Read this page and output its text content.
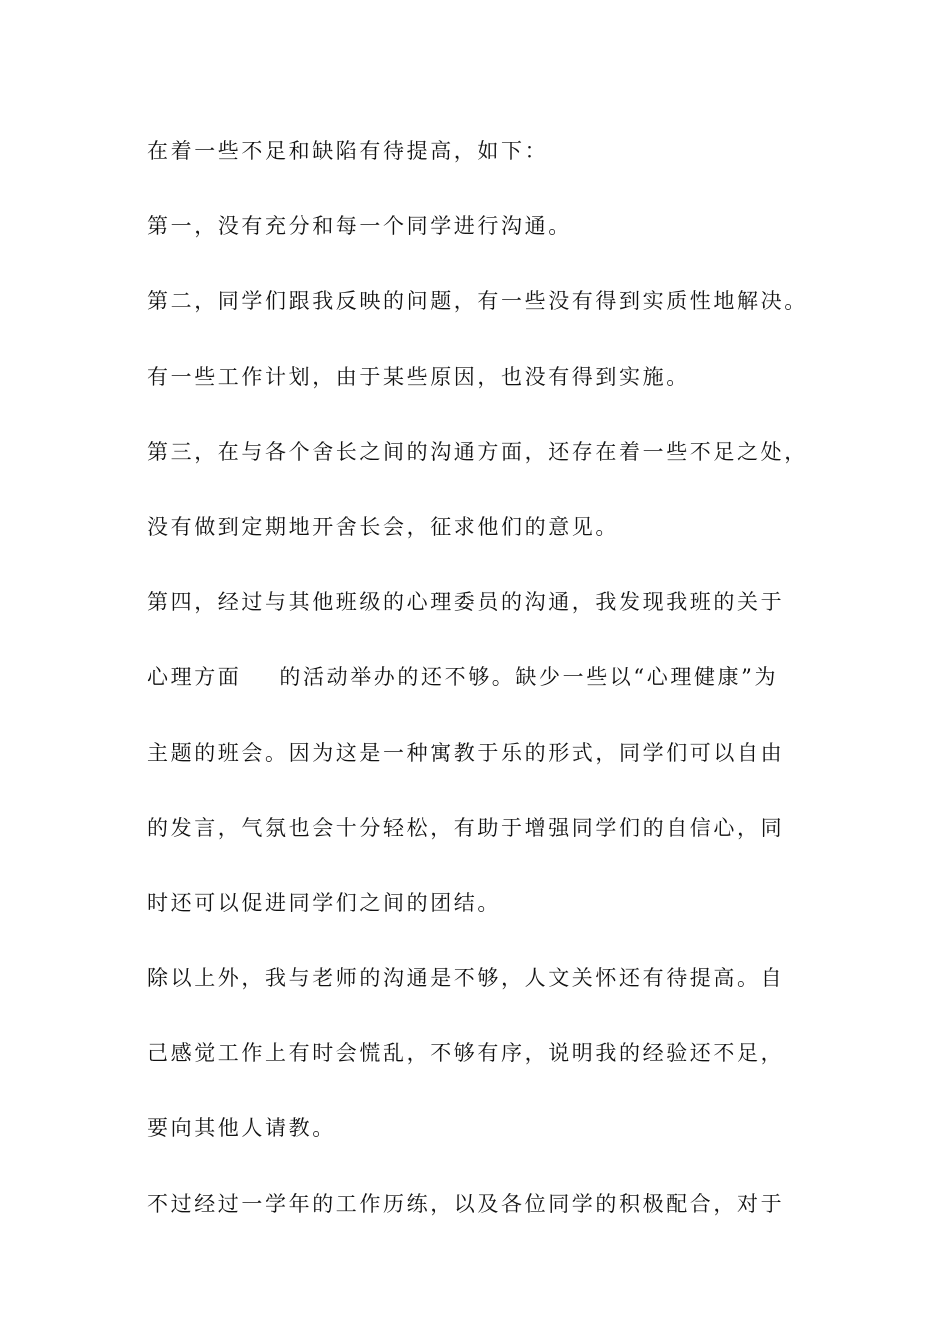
在着一些不足和缺陷有待提高，如下：
第一，没有充分和每一个同学进行沟通。
第二，同学们跟我反映的问题，有一些没有得到实质性地解决。
有一些工作计划，由于某些原因，也没有得到实施。
第三，在与各个舍长之间的沟通方面，还存在着一些不足之处，
没有做到定期地开舍长会，征求他们的意见。
第四，经过与其他班级的心理委员的沟通，我发现我班的关于
心理方面 的活动举办的还不够。缺少一些以“心理健康”为
主题的班会。因为这是一种寓教于乐的形式，同学们可以自由
的发言，气氛也会十分轻松，有助于增强同学们的自信心，同
时还可以促进同学们之间的团结。
除以上外，我与老师的沟通是不够，人文关怀还有待提高。自
己感觉工作上有时会慌乱，不够有序，说明我的经验还不足，
要向其他人请教。
不过经过一学年的工作历练，以及各位同学的积极配合，对于
